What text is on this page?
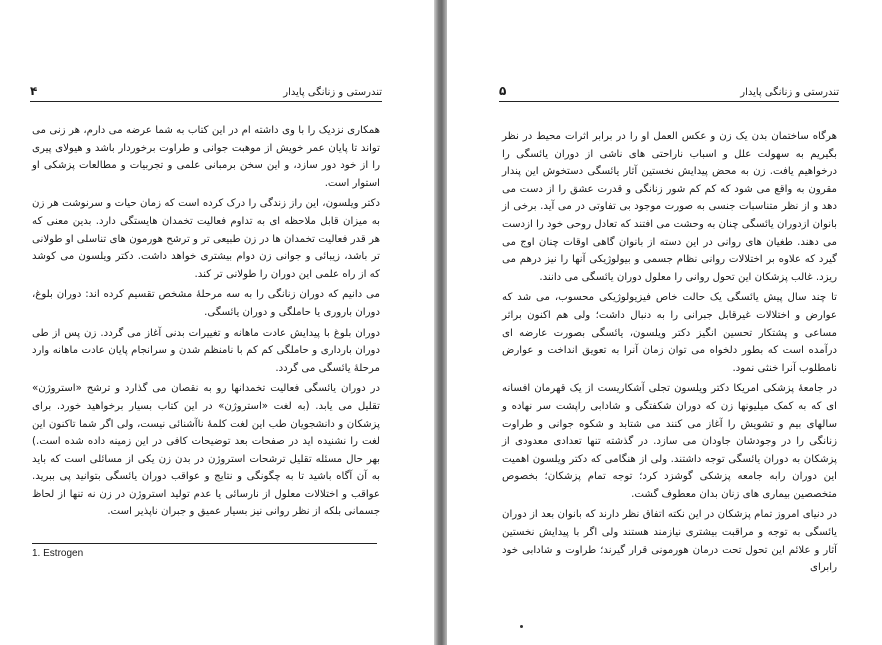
تندرستی و زنانگی پایدار
۴

همکاری نزدیک را با وی داشته ام در این کتاب به شما عرضه می دارم، هر زنی می تواند تا پایان عمر خویش از موهبت جوانی و طراوت برخوردار باشد و هیولای پیری را از خود دور سازد، و این سخن برمبانی علمی و تجربیات و مطالعات پزشکی او استوار است.

دکتر ویلسون، این راز زندگی را درک کرده است که زمان حیات و سرنوشت هر زن به میزان قابل ملاحظه ای به تداوم فعالیت تخمدان هایستگی دارد. بدین معنی که هر قدر فعالیت تخمدان ها در زن طبیعی تر و ترشح هورمون های تناسلی او طولانی تر باشد، زیبائی و جوانی زن دوام بیشتری خواهد داشت. دکتر ویلسون می کوشد که از راه علمی این دوران را طولانی تر کند.

می دانیم که دوران زنانگی را به سه مرحلهٔ مشخص تقسیم کرده اند: دوران بلوغ، دوران باروری یا حاملگی و دوران یائسگی.

دوران بلوغ با پیدایش عادت ماهانه و تغییرات بدنی آغاز می گردد. زن پس از طی دوران بارداری و حاملگی کم کم با نامنظم شدن و سرانجام پایان عادت ماهانه وارد مرحلهٔ یائسگی می گردد.

در دوران یائسگی فعالیت تخمدانها رو به نقصان می گذارد و ترشح «استروژن» تقلیل می یابد. (به لغت «استروژن» در این کتاب بسیار برخواهید خورد. برای پزشکان و دانشجویان طب این لغت کلمهٔ ناآشنائی نیست، ولی اگر شما تاکنون این لغت را نشنیده اید در صفحات بعد توضیحات کافی در این زمینه داده شده است.) بهر حال مسئله تقلیل ترشحات استروژن در بدن زن یکی از مسائلی است که باید به آن آگاه باشید تا به چگونگی و نتایج و عواقب دوران یائسگی بتوانید پی ببرید. عواقب و اختلالات معلول از نارسائی یا عدم تولید استروژن در زن نه تنها از لحاظ جسمانی بلکه از نظر روانی نیز بسیار عمیق و جبران ناپذیر است.

1. Estrogen
تندرستی و زنانگی پایدار
۵

هرگاه ساختمان بدن یک زن و عکس العمل او را در برابر اثرات محیط در نظر بگیریم به سهولت علل و اسباب ناراحتی های ناشی از دوران یائسگی را درخواهیم یافت. زن به محض پیدایش نخستین آثار یائسگی دستخوش این پندار مقرون به واقع می شود که کم کم شور زنانگی و قدرت عشق را از دست می دهد و از نظر متناسبات جنسی به صورت موجود بی تفاوتی در می آید. برخی از بانوان ازدوران یائسگی چنان به وحشت می افتند که تعادل روحی خود را ازدست می دهند. طغیان های روانی در این دسته از بانوان گاهی اوقات چنان اوج می گیرد که علاوه بر اختلالات روانی نظام جسمی و بیولوژیکی آنها را نیز درهم می ریزد. غالب پزشکان این تحول روانی را معلول دوران یائسگی می دانند.

تا چند سال پیش یائسگی یک حالت خاص فیزیولوژیکی محسوب، می شد که عوارض و اختلالات غیرقابل جبرانی را به دنبال داشت؛ ولی هم اکنون براثر مساعی و پشتکار تحسین انگیز دکتر ویلسون، یائسگی بصورت عارضه ای درآمده است که بطور دلخواه می توان زمان آنرا به تعویق انداخت و عوارض نامطلوب آنرا خنثی نمود.

در جامعهٔ پزشکی امریکا دکتر ویلسون تجلی آشکاریست از یک قهرمان افسانه ای که به کمک میلیونها زن که دوران شکفتگی و شادابی راپشت سر نهاده و سالهای بیم و تشویش را آغاز می کنند می شتابد و شکوه جوانی و طراوت زنانگی را در وجودشان جاودان می سازد. در گذشته تنها تعدادی معدودی از پزشکان به دوران یائسگی توجه داشتند. ولی از هنگامی که دکتر ویلسون اهمیت این دوران رابه جامعه پزشکی گوشزد کرد؛ توجه تمام پزشکان؛ بخصوص متخصصین بیماری های زنان بدان معطوف گشت.

در دنیای امروز تمام پزشکان در این نکته اتفاق نظر دارند که بانوان بعد از دوران یائسگی به توجه و مراقبت بیشتری نیازمند هستند ولی اگر با پیدایش نخستین آثار و علائم این تحول تحت درمان هورمونی قرار گیرند؛ طراوت و شادابی خود رابرای
